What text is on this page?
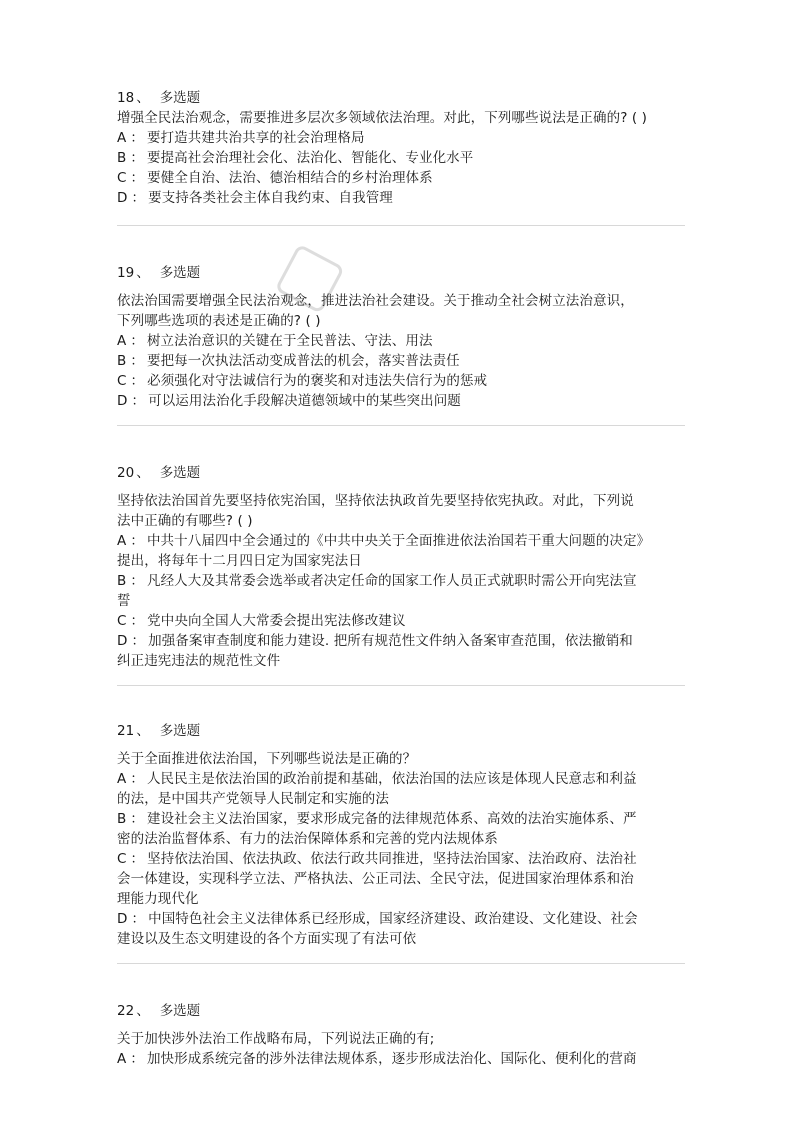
18 、 多选题
增强全民法治观念，需要推进多层次多领域依法治理。对此，下列哪些说法是正确的? ( )
A ： 要打造共建共治共享的社会治理格局
B ： 要提高社会治理社会化、法治化、智能化、专业化水平
C ： 要健全自治、法治、德治相结合的乡村治理体系
D ： 要支持各类社会主体自我约束、自我管理
19 、 多选题
依法治国需要增强全民法治观念，推进法治社会建设。关于推动全社会树立法治意识，
下列哪些选项的表述是正确的? ( )
A ： 树立法治意识的关键在于全民普法、守法、用法
B ： 要把每一次执法活动变成普法的机会，落实普法责任
C ： 必须强化对守法诚信行为的褒奖和对违法失信行为的惩戒
D ： 可以运用法治化手段解决道德领域中的某些突出问题
20 、 多选题
坚持依法治国首先要坚持依宪治国，坚持依法执政首先要坚持依宪执政。对此，下列说
法中正确的有哪些? ( )
A ： 中共十八届四中全会通过的《中共中央关于全面推进依法治国若干重大问题的决定》
提出，将每年十二月四日定为国家宪法日
B ： 凡经人大及其常委会选举或者决定任命的国家工作人员正式就职时需公开向宪法宣
誓
C ： 党中央向全国人大常委会提出宪法修改建议
D ： 加强备案审查制度和能力建设. 把所有规范性文件纳入备案审查范围，依法撤销和
纠正违宪违法的规范性文件
21 、 多选题
关于全面推进依法治国，下列哪些说法是正确的？
A ： 人民民主是依法治国的政治前提和基础，依法治国的法应该是体现人民意志和利益
的法，是中国共产党领导人民制定和实施的法
B ： 建设社会主义法治国家，要求形成完备的法律规范体系、高效的法治实施体系、严
密的法治监督体系、有力的法治保障体系和完善的党内法规体系
C ： 坚持依法治国、依法执政、依法行政共同推进，坚持法治国家、法治政府、法治社
会一体建设，实现科学立法、严格执法、公正司法、全民守法，促进国家治理体系和治
理能力现代化
D ： 中国特色社会主义法律体系已经形成，国家经济建设、政治建设、文化建设、社会
建设以及生态文明建设的各个方面实现了有法可依
22 、 多选题
关于加快涉外法治工作战略布局，下列说法正确的有;
A ： 加快形成系统完备的涉外法律法规体系，逐步形成法治化、国际化、便利化的营商
